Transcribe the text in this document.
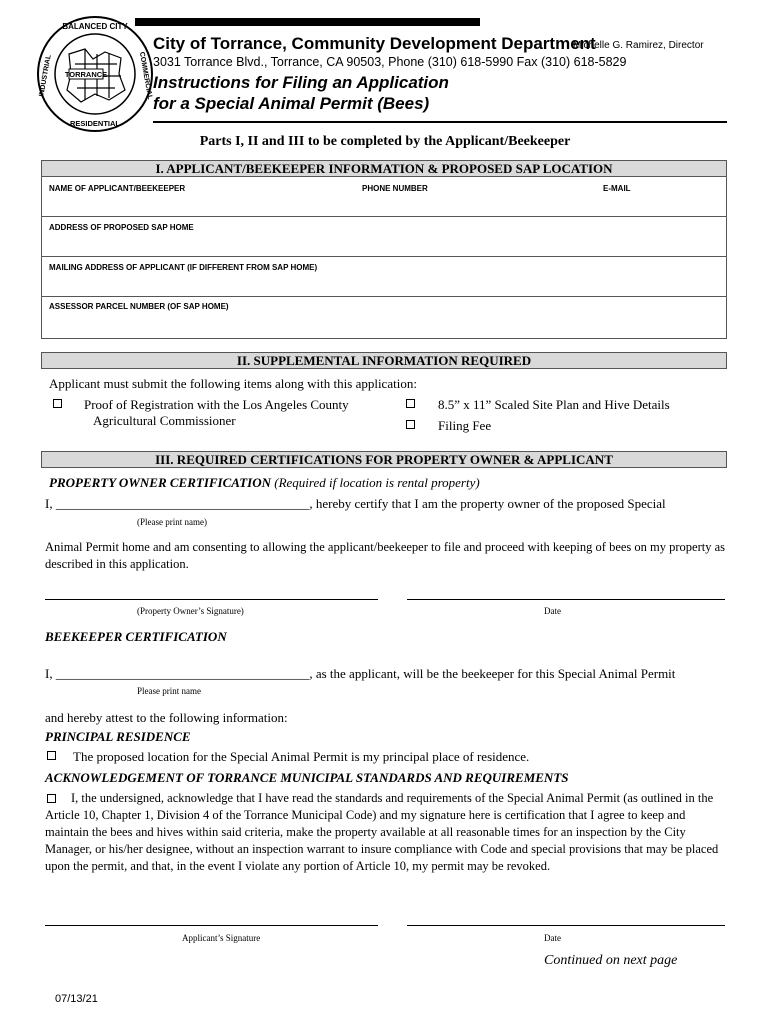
TORRANCE
BALANCED CITY
INDUSTRIAL
RESIDENTIAL
COMMERCIAL
City of Torrance, Community Development Department
Michelle G. Ramirez, Director
3031 Torrance Blvd., Torrance, CA 90503, Phone (310) 618-5990 Fax (310) 618-5829
Instructions for Filing an Application
for a Special Animal Permit (Bees)
Parts I, II and III to be completed by the Applicant/Beekeeper
I. APPLICANT/BEEKEEPER INFORMATION & PROPOSED SAP LOCATION
NAME OF APPLICANT/BEEKEEPER	PHONE NUMBER	E-MAIL
ADDRESS OF PROPOSED SAP HOME
MAILING ADDRESS OF APPLICANT (IF DIFFERENT FROM SAP HOME)
ASSESSOR PARCEL NUMBER (OF SAP HOME)
II. SUPPLEMENTAL INFORMATION REQUIRED
Applicant must submit the following items along with this application:
Proof of Registration with the Los Angeles County
Agricultural Commissioner
8.5” x 11” Scaled Site Plan and Hive Details
Filing Fee
III. REQUIRED CERTIFICATIONS FOR PROPERTY OWNER & APPLICANT
PROPERTY OWNER CERTIFICATION (Required if location is rental property)
I, _______________________________________, hereby certify that I am the property owner of the proposed Special
(Please print name)
Animal Permit home and am consenting to allowing the applicant/beekeeper to file and proceed with keeping of bees on my property as described in this application.
(Property Owner’s Signature)	Date
BEEKEEPER CERTIFICATION
I, _______________________________________, as the applicant, will be the beekeeper for this Special Animal Permit
Please print name
and hereby attest to the following information:
PRINCIPAL RESIDENCE
The proposed location for the Special Animal Permit is my principal place of residence.
ACKNOWLEDGEMENT OF TORRANCE MUNICIPAL STANDARDS AND REQUIREMENTS
I, the undersigned, acknowledge that I have read the standards and requirements of the Special Animal Permit (as outlined in the Article 10, Chapter 1, Division 4 of the Torrance Municipal Code) and my signature here is certification that I agree to keep and maintain the bees and hives within said criteria, make the property available at all reasonable times for an inspection by the City Manager, or his/her designee, without an inspection warrant to insure compliance with Code and special provisions that may be placed upon the permit, and that, in the event I violate any portion of Article 10, my permit may be revoked.
Applicant’s Signature	Date
Continued on next page
07/13/21
